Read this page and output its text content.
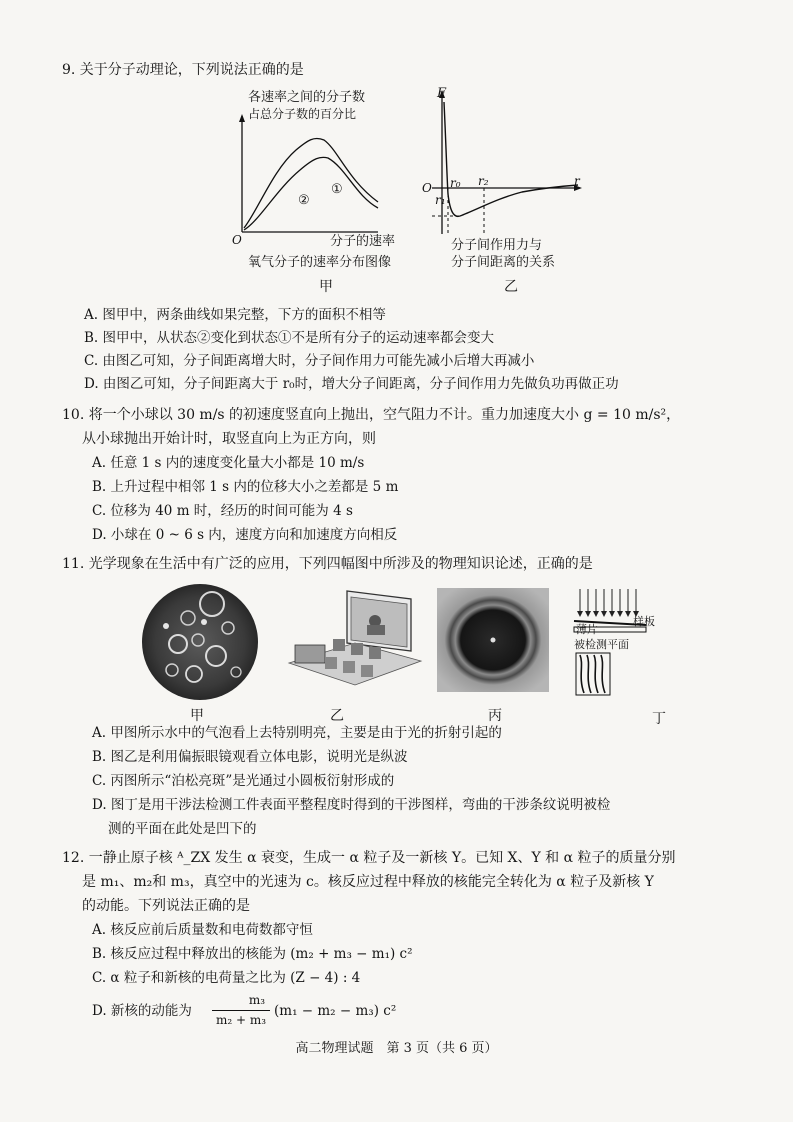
9. 关于分子动理论，下列说法正确的是
各速率之间的分子数
占总分子数的百分比
①
②
O	分子的速率
氧气分子的速率分布图像
甲
F
O r₀
r₁
r₂	r
分子间作用力与
分子间距离的关系
乙
A. 图甲中，两条曲线如果完整，下方的面积不相等
B. 图甲中，从状态②变化到状态①不是所有分子的运动速率都会变大
C. 由图乙可知，分子间距离增大时，分子间作用力可能先减小后增大再减小
D. 由图乙可知，分子间距离大于 r₀时，增大分子间距离，分子间作用力先做负功再做正功
10. 将一个小球以 30 m/s 的初速度竖直向上抛出，空气阻力不计。重力加速度大小 g = 10 m/s²，
从小球抛出开始计时，取竖直向上为正方向，则
A. 任意 1 s 内的速度变化量大小都是 10 m/s
B. 上升过程中相邻 1 s 内的位移大小之差都是 5 m
C. 位移为 40 m 时，经历的时间可能为 4 s
D. 小球在 0 ~ 6 s 内，速度方向和加速度方向相反
11. 光学现象在生活中有广泛的应用，下列四幅图中所涉及的物理知识论述，正确的是
甲	乙	丙
薄片
样板
被检测平面
丁
A. 甲图所示水中的气泡看上去特别明亮，主要是由于光的折射引起的
B. 图乙是利用偏振眼镜观看立体电影，说明光是纵波
C. 丙图所示“泊松亮斑”是光通过小圆板衍射形成的
D. 图丁是用干涉法检测工件表面平整程度时得到的干涉图样，弯曲的干涉条纹说明被检
测的平面在此处是凹下的
12. 一静止原子核 ᴬ_ZX 发生 α 衰变，生成一 α 粒子及一新核 Y。已知 X、Y 和 α 粒子的质量分别
是 m₁、m₂和 m₃，真空中的光速为 c。核反应过程中释放的核能完全转化为 α 粒子及新核 Y
的动能。下列说法正确的是
A. 核反应前后质量数和电荷数都守恒
B. 核反应过程中释放出的核能为 (m₂ + m₃ − m₁) c²
C. α 粒子和新核的电荷量之比为 (Z − 4) : 4
D. 新核的动能为
m₃
m₂ + m₃
(m₁ − m₂ − m₃) c²
高二物理试题　第 3 页（共 6 页）
